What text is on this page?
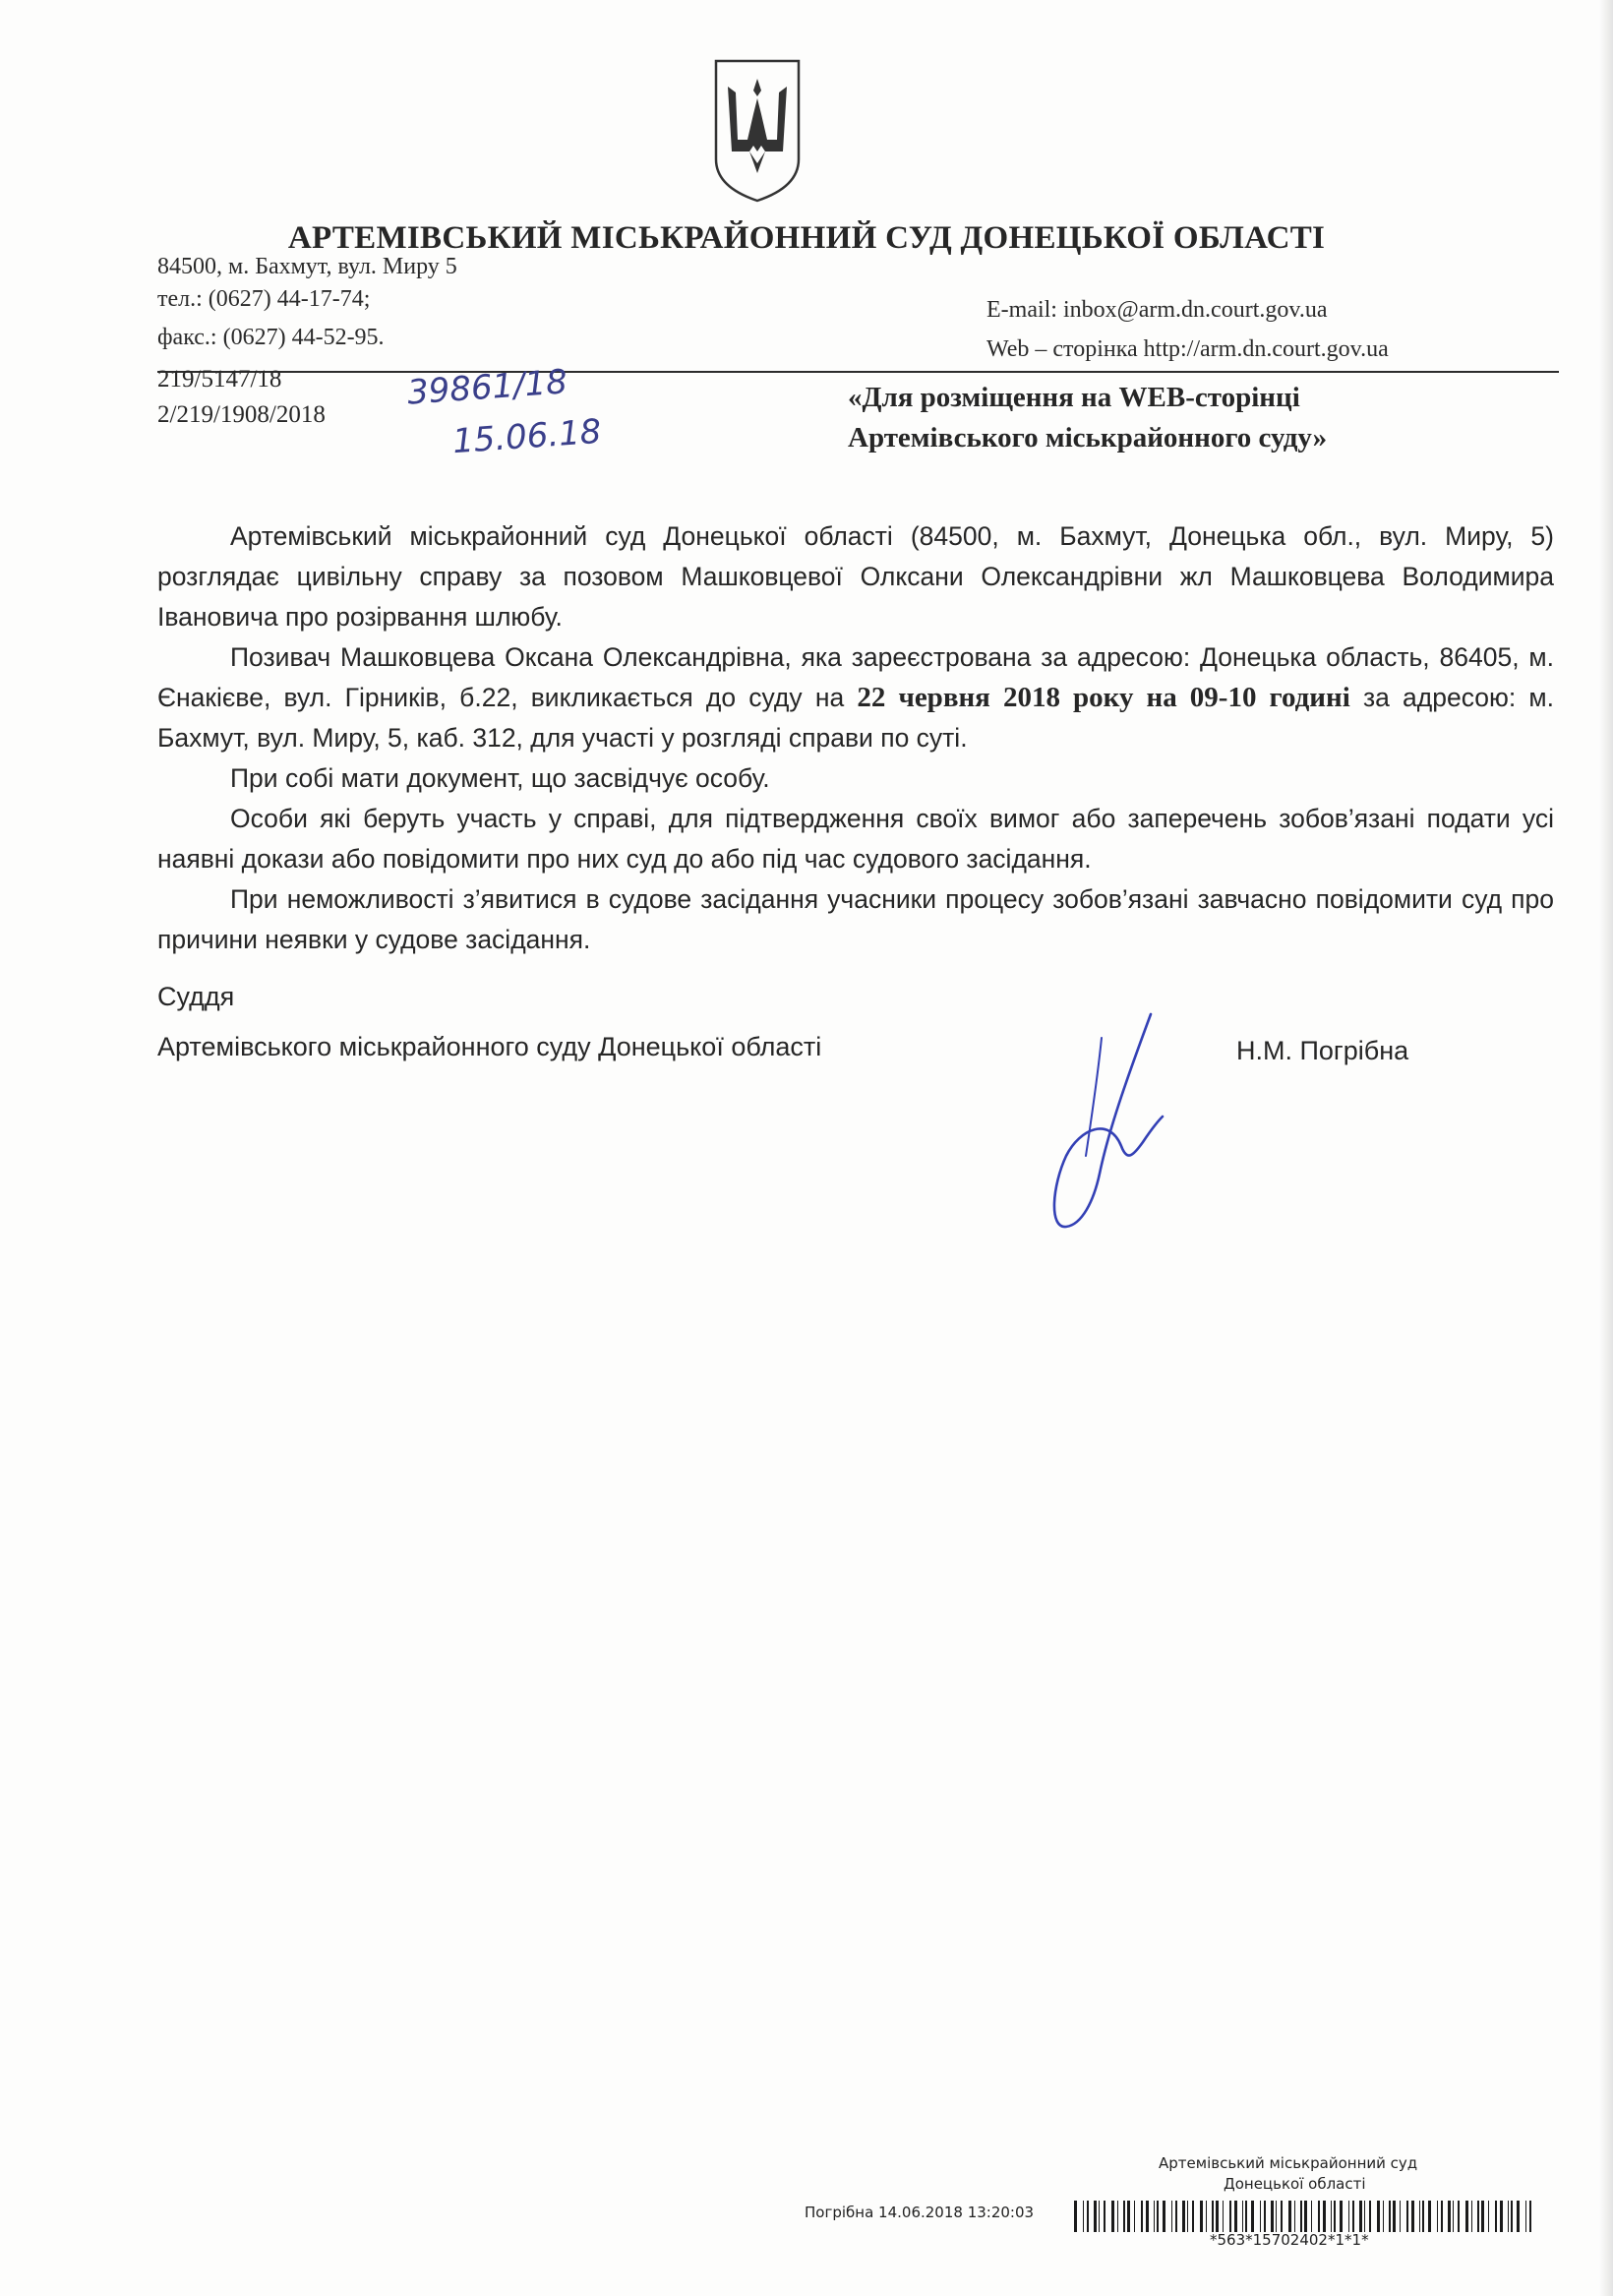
АРТЕМІВСЬКИЙ МІСЬКРАЙОННИЙ СУД ДОНЕЦЬКОЇ ОБЛАСТІ
84500, м. Бахмут, вул. Миру 5
тел.: (0627) 44-17-74;
факс.: (0627) 44-52-95.
E-mail: inbox@arm.dn.court.gov.ua
Web – сторінка http://arm.dn.court.gov.ua
219/5147/18
2/219/1908/2018
39861/18
15.06.18
«Для розміщення на WEB-сторінці
Артемівського міськрайонного суду»

Артемівський міськрайонний суд Донецької області (84500, м. Бахмут, Донецька обл., вул. Миру, 5) розглядає цивільну справу за позовом Машковцевої Олксани Олександрівни жл Машковцева Володимира Івановича про розірвання шлюбу.

Позивач Машковцева Оксана Олександрівна, яка зареєстрована за адресою: Донецька область, 86405, м. Єнакієве, вул. Гірників, б.22, викликається до суду на 22 червня 2018 року на 09-10 годині за адресою: м. Бахмут, вул. Миру, 5, каб. 312, для участі у розгляді справи по суті.

При собі мати документ, що засвідчує особу.

Особи які беруть участь у справі, для підтвердження своїх вимог або заперечень зобов’язані подати усі наявні докази або повідомити про них суд до або під час судового засідання.

При неможливості з’явитися в судове засідання учасники процесу зобов’язані завчасно повідомити суд про причини неявки у судове засідання.

Суддя
Артемівського міськрайонного суду Донецької області	Н.М. Погрібна
Артемівський міськрайонний суд
Донецької області
Погрібна 14.06.2018 13:20:03
*563*15702402*1*1*
